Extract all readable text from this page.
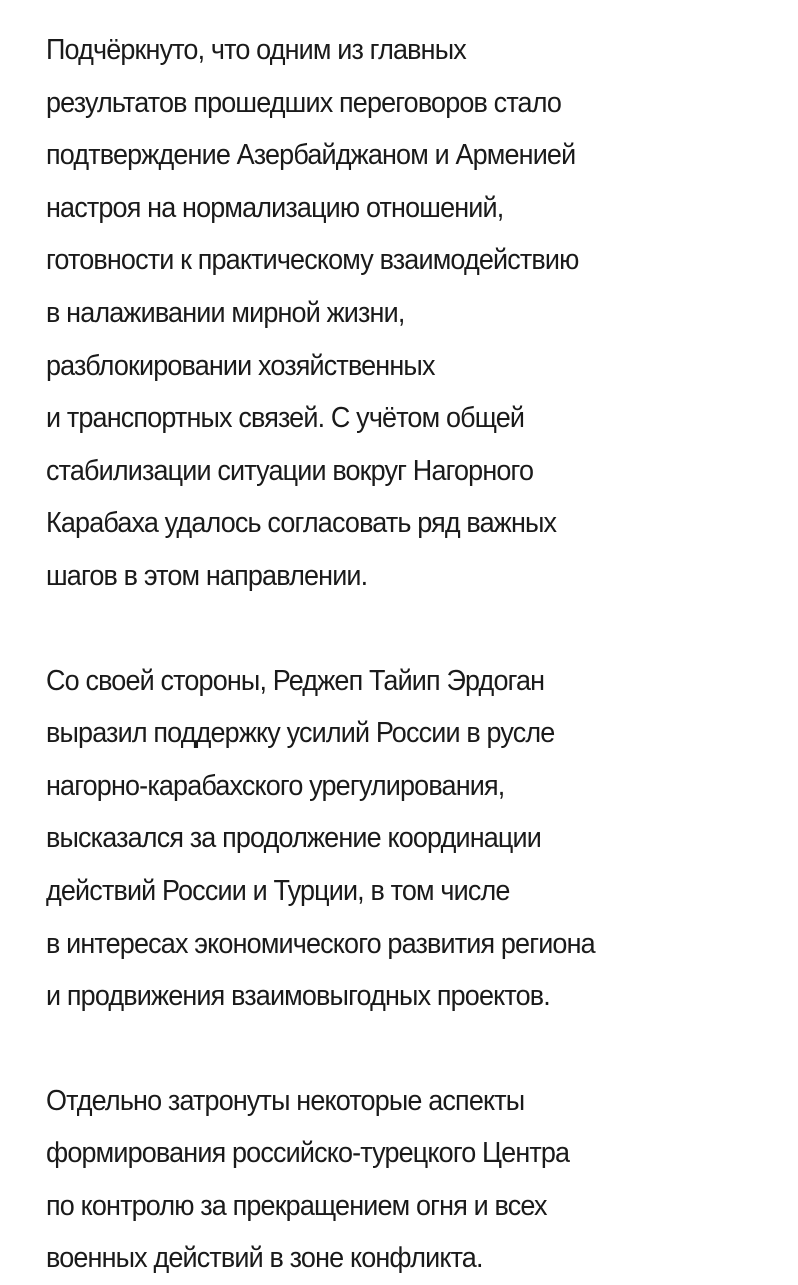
Подчёркнуто, что одним из главных
результатов прошедших переговоров стало
подтверждение Азербайджаном и Арменией
настроя на нормализацию отношений,
готовности к практическому взаимодействию
в налаживании мирной жизни,
разблокировании хозяйственных
и транспортных связей. С учётом общей
стабилизации ситуации вокруг Нагорного
Карабаха удалось согласовать ряд важных
шагов в этом направлении.

Со своей стороны, Реджеп Тайип Эрдоган
выразил поддержку усилий России в русле
нагорно-карабахского урегулирования,
высказался за продолжение координации
действий России и Турции, в том числе
в интересах экономического развития региона
и продвижения взаимовыгодных проектов.

Отдельно затронуты некоторые аспекты
формирования российско-турецкого Центра
по контролю за прекращением огня и всех
военных действий в зоне конфликта.
